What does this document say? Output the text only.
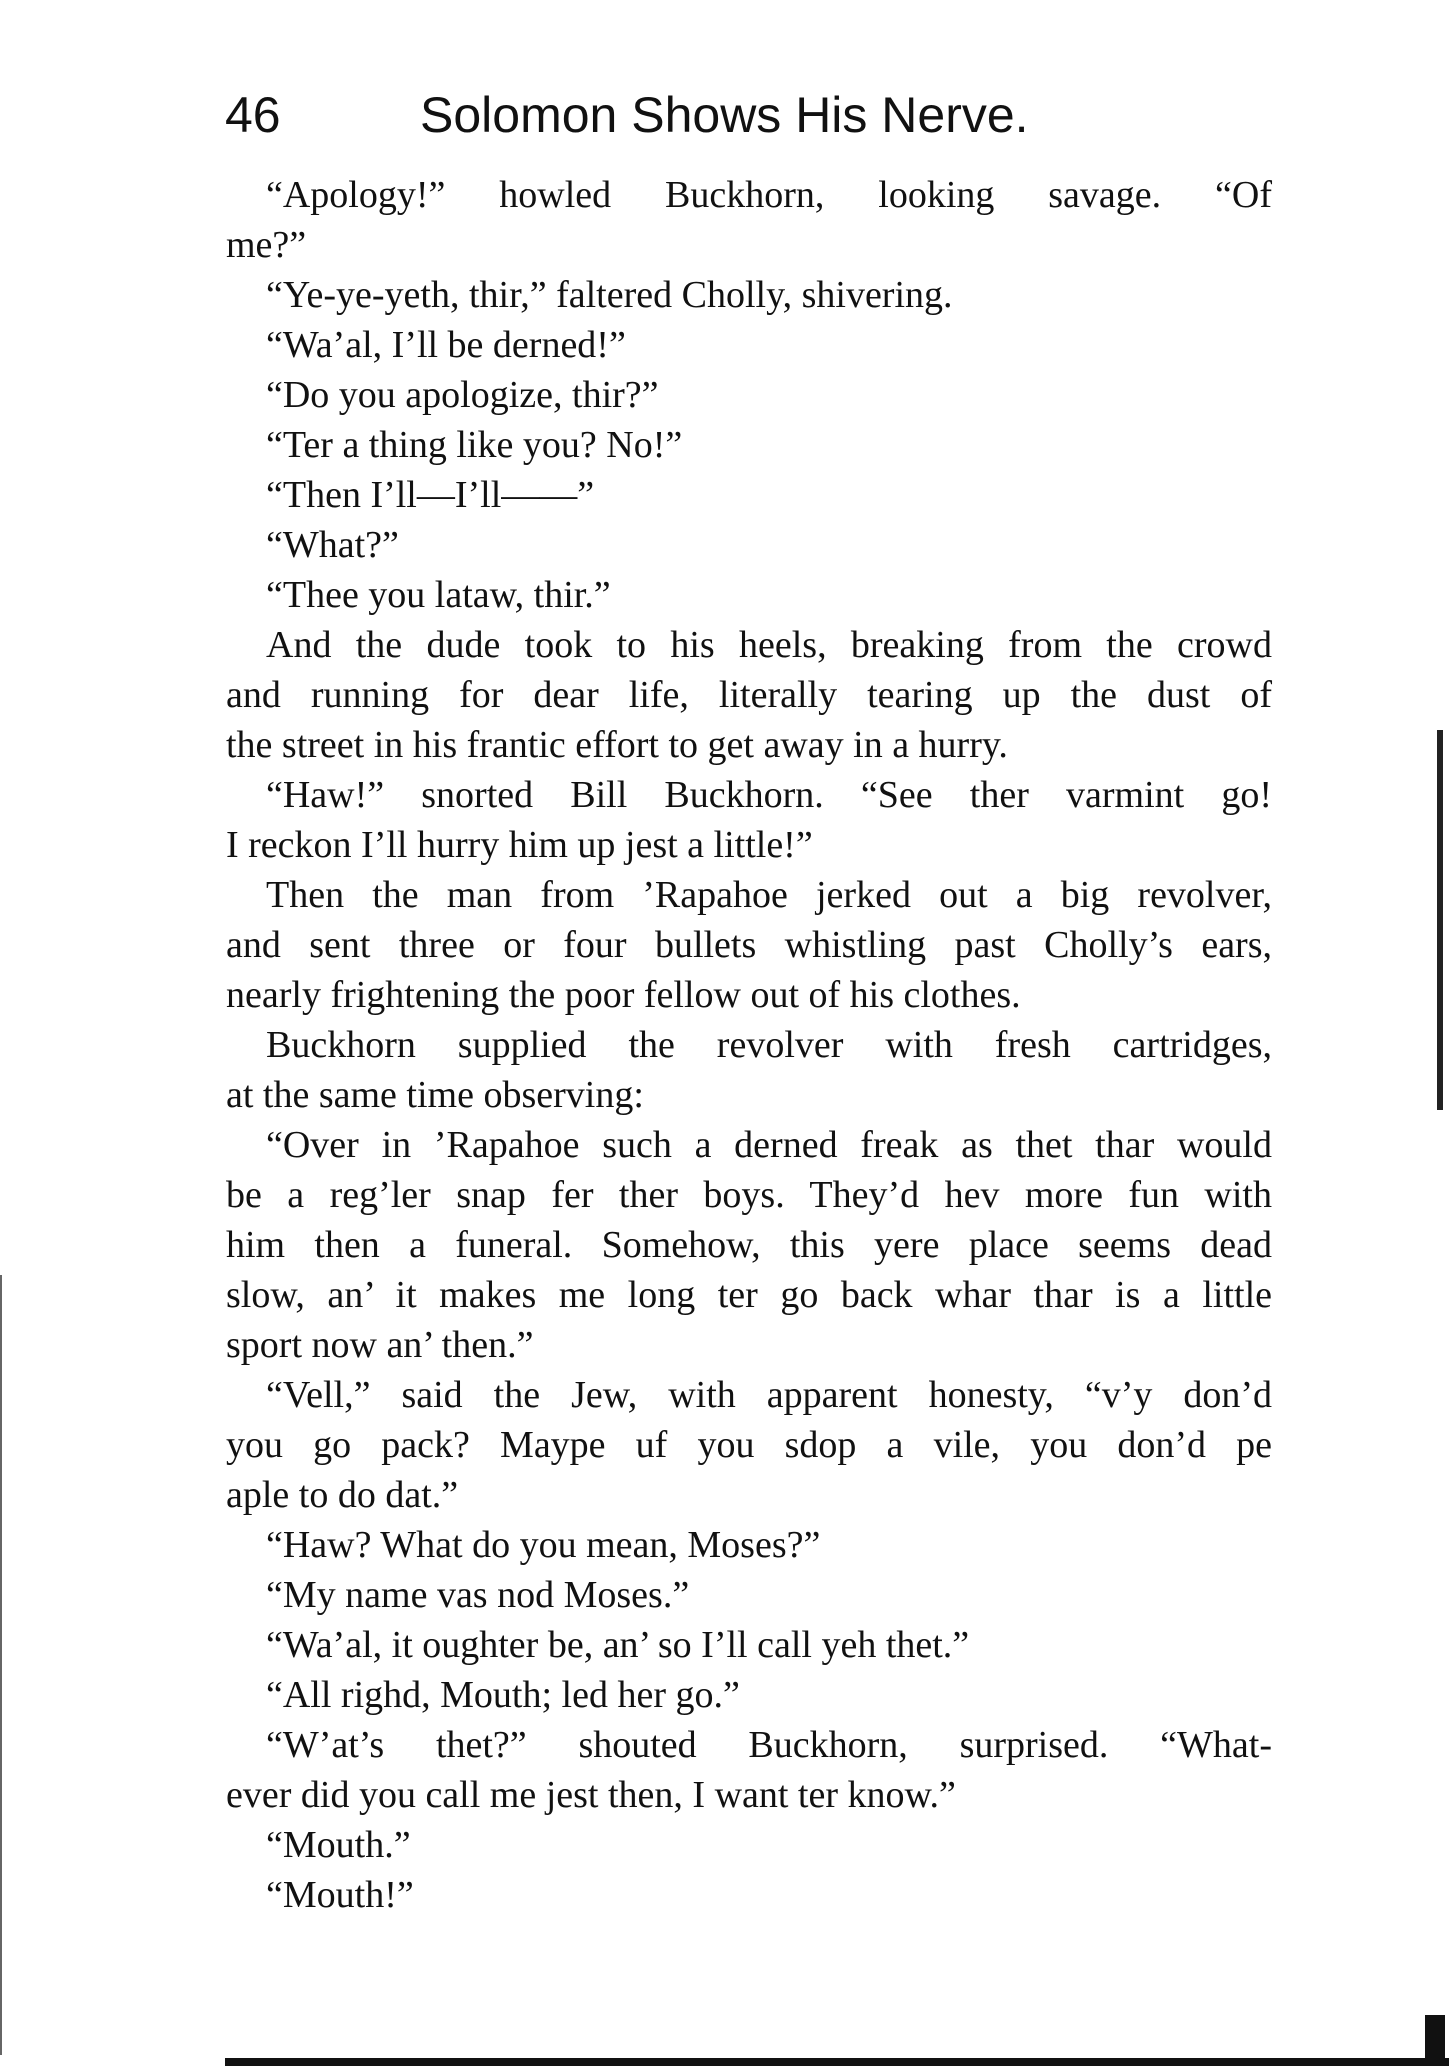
46	Solomon Shows His Nerve.
“Apology!” howled Buckhorn, looking savage. “Of
me?”
“Ye-ye-yeth, thir,” faltered Cholly, shivering.
“Wa’al, I’ll be derned!”
“Do you apologize, thir?”
“Ter a thing like you? No!”
“Then I’ll—I’ll——”
“What?”
“Thee you lataw, thir.”
And the dude took to his heels, breaking from the crowd
and running for dear life, literally tearing up the dust of
the street in his frantic effort to get away in a hurry.
“Haw!” snorted Bill Buckhorn. “See ther varmint go!
I reckon I’ll hurry him up jest a little!”
Then the man from ’Rapahoe jerked out a big revolver,
and sent three or four bullets whistling past Cholly’s ears,
nearly frightening the poor fellow out of his clothes.
Buckhorn supplied the revolver with fresh cartridges,
at the same time observing:
“Over in ’Rapahoe such a derned freak as thet thar would
be a reg’ler snap fer ther boys. They’d hev more fun with
him then a funeral. Somehow, this yere place seems dead
slow, an’ it makes me long ter go back whar thar is a little
sport now an’ then.”
“Vell,” said the Jew, with apparent honesty, “v’y don’d
you go pack? Maype uf you sdop a vile, you don’d pe
aple to do dat.”
“Haw? What do you mean, Moses?”
“My name vas nod Moses.”
“Wa’al, it oughter be, an’ so I’ll call yeh thet.”
“All righd, Mouth; led her go.”
“W’at’s thet?” shouted Buckhorn, surprised. “What-
ever did you call me jest then, I want ter know.”
“Mouth.”
“Mouth!”
